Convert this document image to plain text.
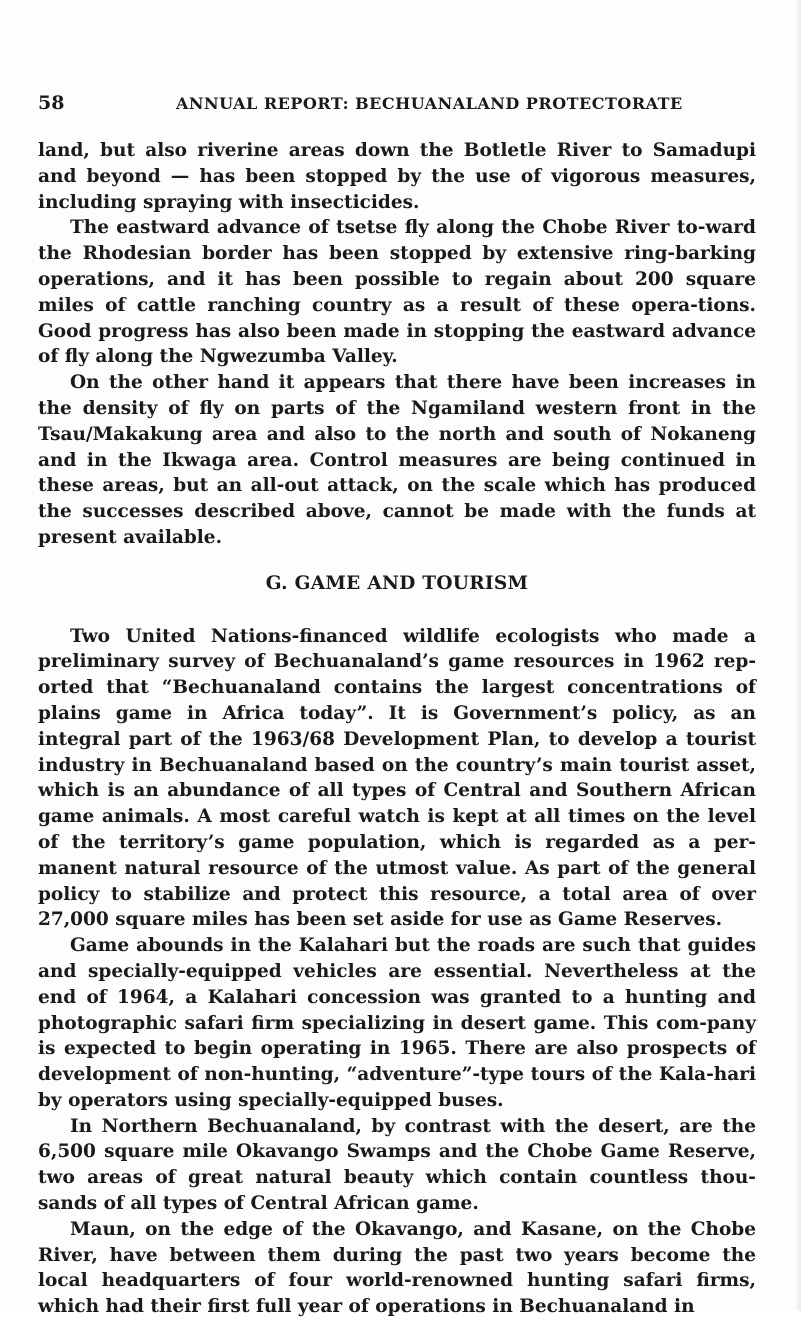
58	ANNUAL REPORT: BECHUANALAND PROTECTORATE

land, but also riverine areas down the Botletle River to Samadupi and beyond — has been stopped by the use of vigorous measures, including spraying with insecticides.

The eastward advance of tsetse fly along the Chobe River to-ward the Rhodesian border has been stopped by extensive ring-barking operations, and it has been possible to regain about 200 square miles of cattle ranching country as a result of these opera-tions. Good progress has also been made in stopping the eastward advance of fly along the Ngwezumba Valley.

On the other hand it appears that there have been increases in the density of fly on parts of the Ngamiland western front in the Tsau/Makakung area and also to the north and south of Nokaneng and in the Ikwaga area. Control measures are being continued in these areas, but an all-out attack, on the scale which has produced the successes described above, cannot be made with the funds at present available.

G. GAME AND TOURISM

Two United Nations-financed wildlife ecologists who made a preliminary survey of Bechuanaland’s game resources in 1962 rep-orted that “Bechuanaland contains the largest concentrations of plains game in Africa today”. It is Government’s policy, as an integral part of the 1963/68 Development Plan, to develop a tourist industry in Bechuanaland based on the country’s main tourist asset, which is an abundance of all types of Central and Southern African game animals. A most careful watch is kept at all times on the level of the territory’s game population, which is regarded as a per-manent natural resource of the utmost value. As part of the general policy to stabilize and protect this resource, a total area of over 27,000 square miles has been set aside for use as Game Reserves.

Game abounds in the Kalahari but the roads are such that guides and specially-equipped vehicles are essential. Nevertheless at the end of 1964, a Kalahari concession was granted to a hunting and photographic safari firm specializing in desert game. This com-pany is expected to begin operating in 1965. There are also prospects of development of non-hunting, “adventure”-type tours of the Kala-hari by operators using specially-equipped buses.

In Northern Bechuanaland, by contrast with the desert, are the 6,500 square mile Okavango Swamps and the Chobe Game Reserve, two areas of great natural beauty which contain countless thou-sands of all types of Central African game.

Maun, on the edge of the Okavango, and Kasane, on the Chobe River, have between them during the past two years become the local headquarters of four world-renowned hunting safari firms, which had their first full year of operations in Bechuanaland in
